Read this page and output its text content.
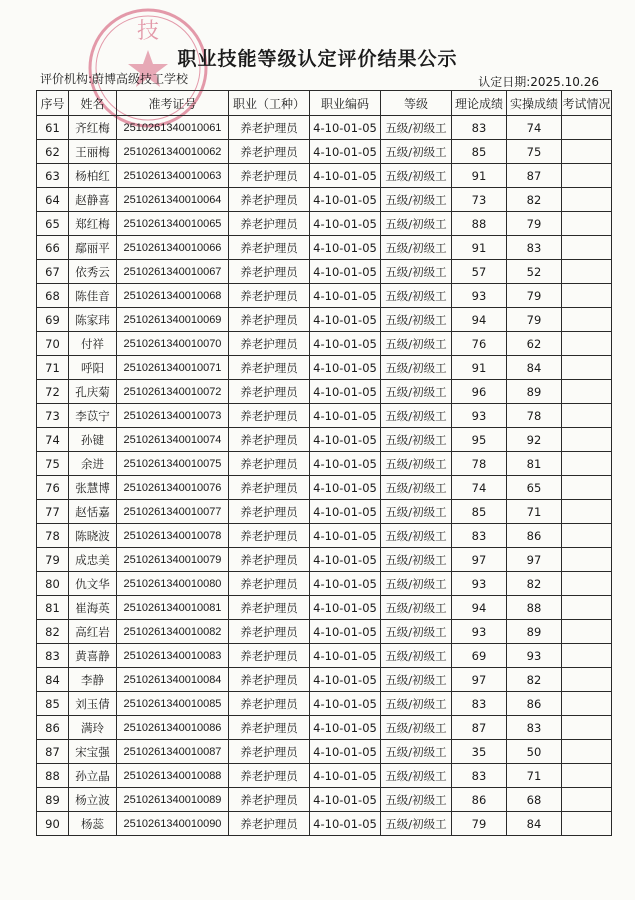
技
职业技能等级认定评价结果公示
评价机构:蔚博高级技工学校	认定日期:2025.10.26
序号	姓名	准考证号	职业（工种）	职业编码	等级	理论成绩	实操成绩	考试情况
61	齐红梅	2510261340010061	养老护理员	4-10-01-05	五级/初级工	83	74	
62	王丽梅	2510261340010062	养老护理员	4-10-01-05	五级/初级工	85	75	
63	杨柏红	2510261340010063	养老护理员	4-10-01-05	五级/初级工	91	87	
64	赵静喜	2510261340010064	养老护理员	4-10-01-05	五级/初级工	73	82	
65	郑红梅	2510261340010065	养老护理员	4-10-01-05	五级/初级工	88	79	
66	鄢丽平	2510261340010066	养老护理员	4-10-01-05	五级/初级工	91	83	
67	依秀云	2510261340010067	养老护理员	4-10-01-05	五级/初级工	57	52	
68	陈佳音	2510261340010068	养老护理员	4-10-01-05	五级/初级工	93	79	
69	陈家玮	2510261340010069	养老护理员	4-10-01-05	五级/初级工	94	79	
70	付祥	2510261340010070	养老护理员	4-10-01-05	五级/初级工	76	62	
71	呼阳	2510261340010071	养老护理员	4-10-01-05	五级/初级工	91	84	
72	孔庆菊	2510261340010072	养老护理员	4-10-01-05	五级/初级工	96	89	
73	李苡宁	2510261340010073	养老护理员	4-10-01-05	五级/初级工	93	78	
74	孙键	2510261340010074	养老护理员	4-10-01-05	五级/初级工	95	92	
75	余进	2510261340010075	养老护理员	4-10-01-05	五级/初级工	78	81	
76	张慧博	2510261340010076	养老护理员	4-10-01-05	五级/初级工	74	65	
77	赵恬嘉	2510261340010077	养老护理员	4-10-01-05	五级/初级工	85	71	
78	陈晓波	2510261340010078	养老护理员	4-10-01-05	五级/初级工	83	86	
79	成忠美	2510261340010079	养老护理员	4-10-01-05	五级/初级工	97	97	
80	仇文华	2510261340010080	养老护理员	4-10-01-05	五级/初级工	93	82	
81	崔海英	2510261340010081	养老护理员	4-10-01-05	五级/初级工	94	88	
82	高红岩	2510261340010082	养老护理员	4-10-01-05	五级/初级工	93	89	
83	黄喜静	2510261340010083	养老护理员	4-10-01-05	五级/初级工	69	93	
84	李静	2510261340010084	养老护理员	4-10-01-05	五级/初级工	97	82	
85	刘玉倩	2510261340010085	养老护理员	4-10-01-05	五级/初级工	83	86	
86	满玲	2510261340010086	养老护理员	4-10-01-05	五级/初级工	87	83	
87	宋宝强	2510261340010087	养老护理员	4-10-01-05	五级/初级工	35	50	
88	孙立晶	2510261340010088	养老护理员	4-10-01-05	五级/初级工	83	71	
89	杨立波	2510261340010089	养老护理员	4-10-01-05	五级/初级工	86	68	
90	杨蕊	2510261340010090	养老护理员	4-10-01-05	五级/初级工	79	84	
